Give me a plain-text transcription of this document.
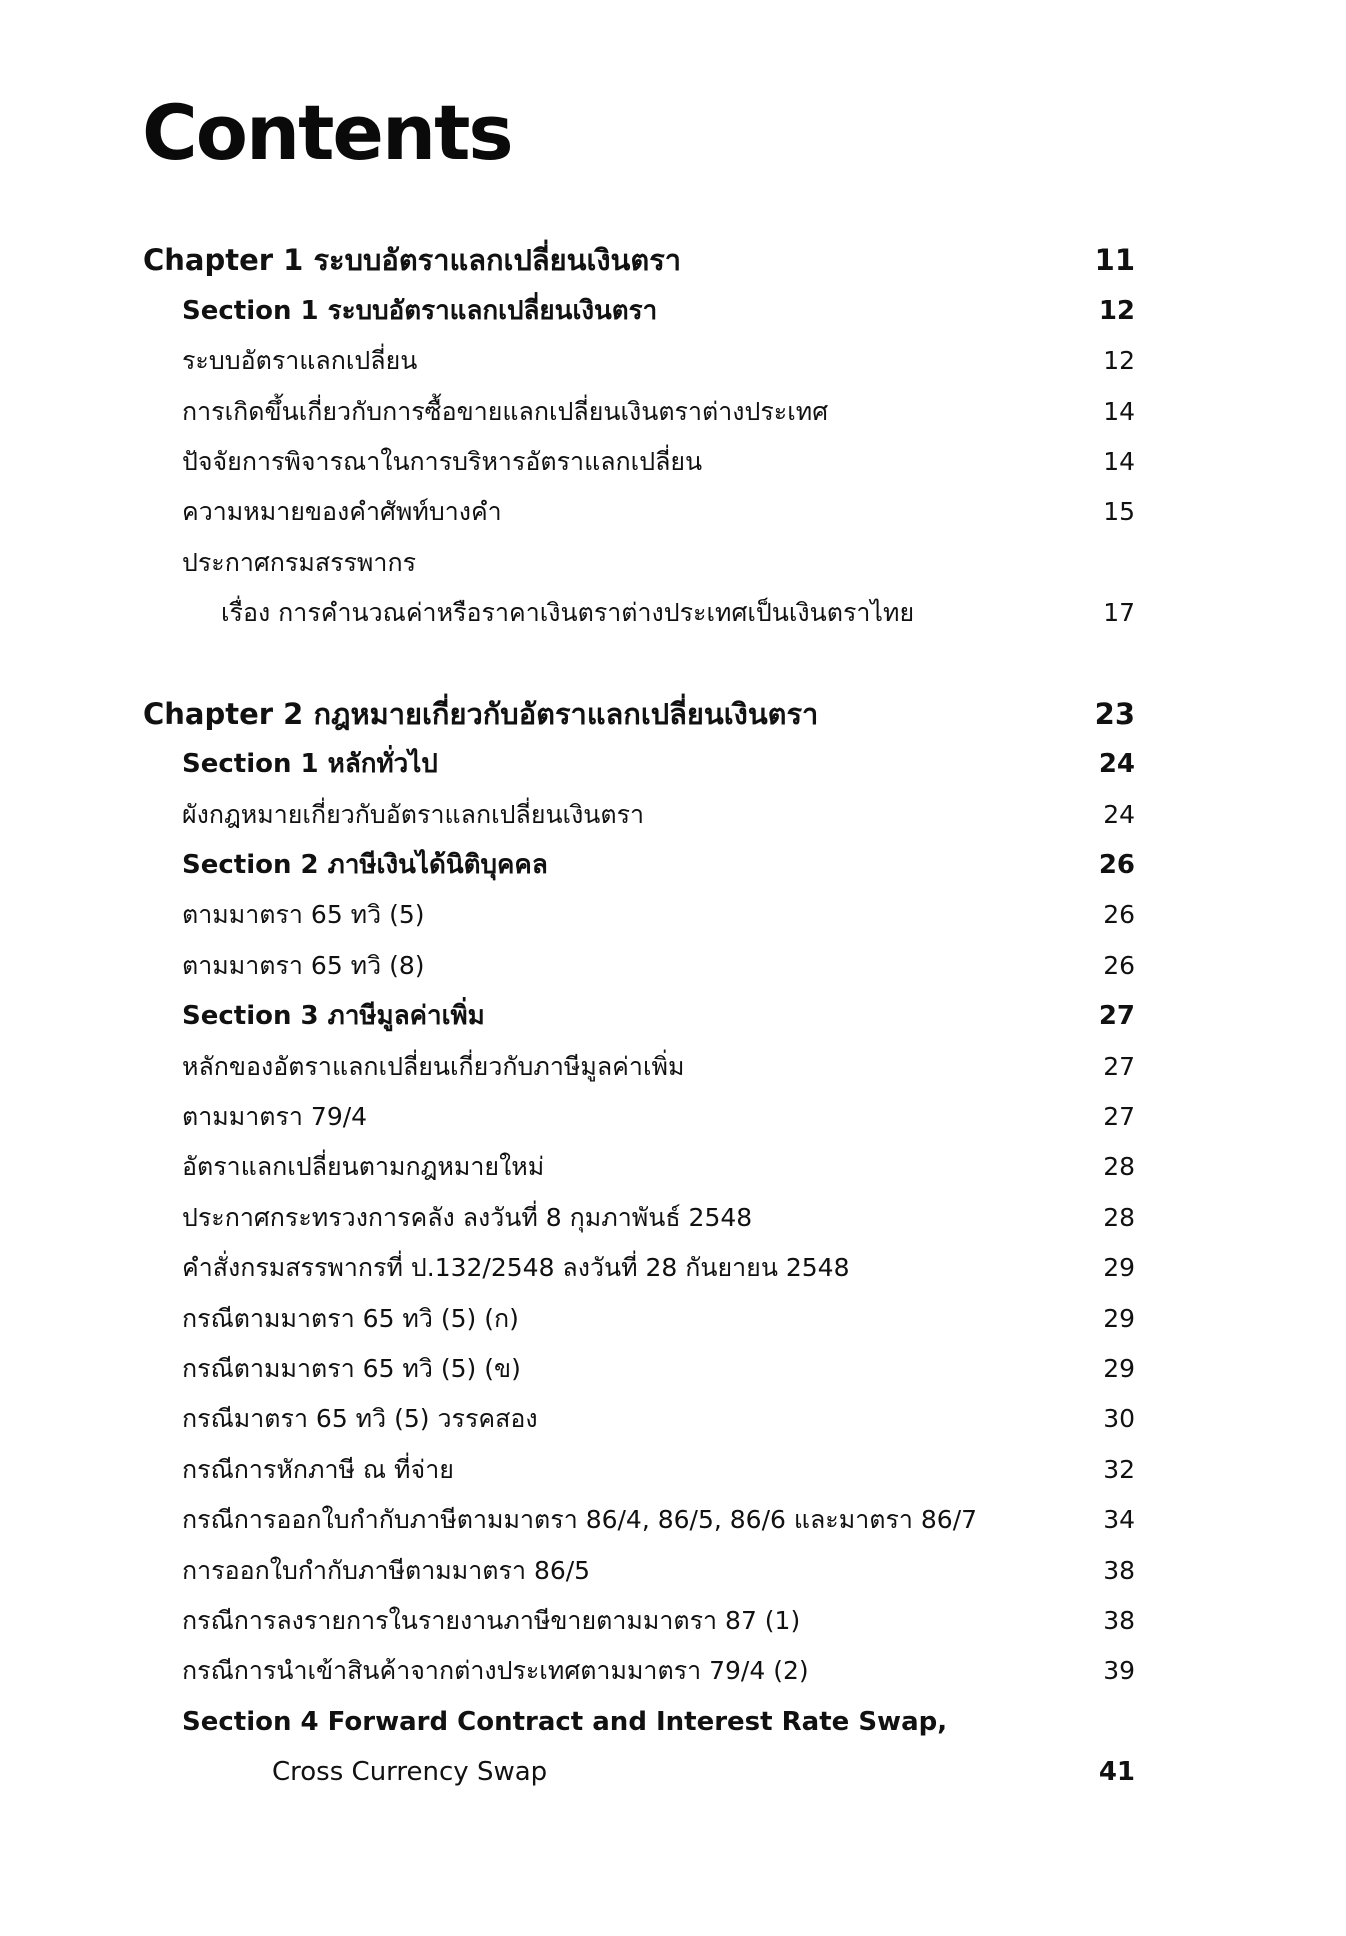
Contents
Chapter 1 ระบบอัตราแลกเปลี่ยนเงินตรา	11
Section 1 ระบบอัตราแลกเปลี่ยนเงินตรา	12
ระบบอัตราแลกเปลี่ยน	12
การเกิดขึ้นเกี่ยวกับการซื้อขายแลกเปลี่ยนเงินตราต่างประเทศ	14
ปัจจัยการพิจารณาในการบริหารอัตราแลกเปลี่ยน	14
ความหมายของคำศัพท์บางคำ	15
ประกาศกรมสรรพากร
เรื่อง การคำนวณค่าหรือราคาเงินตราต่างประเทศเป็นเงินตราไทย	17
Chapter 2 กฎหมายเกี่ยวกับอัตราแลกเปลี่ยนเงินตรา	23
Section 1 หลักทั่วไป	24
ผังกฎหมายเกี่ยวกับอัตราแลกเปลี่ยนเงินตรา	24
Section 2 ภาษีเงินได้นิติบุคคล	26
ตามมาตรา 65 ทวิ (5)	26
ตามมาตรา 65 ทวิ (8)	26
Section 3 ภาษีมูลค่าเพิ่ม	27
หลักของอัตราแลกเปลี่ยนเกี่ยวกับภาษีมูลค่าเพิ่ม	27
ตามมาตรา 79/4	27
อัตราแลกเปลี่ยนตามกฎหมายใหม่	28
ประกาศกระทรวงการคลัง ลงวันที่ 8 กุมภาพันธ์ 2548	28
คำสั่งกรมสรรพากรที่ ป.132/2548 ลงวันที่ 28 กันยายน 2548	29
กรณีตามมาตรา 65 ทวิ (5) (ก)	29
กรณีตามมาตรา 65 ทวิ (5) (ข)	29
กรณีมาตรา 65 ทวิ (5) วรรคสอง	30
กรณีการหักภาษี ณ ที่จ่าย	32
กรณีการออกใบกำกับภาษีตามมาตรา 86/4, 86/5, 86/6 และมาตรา 86/7	34
การออกใบกำกับภาษีตามมาตรา 86/5	38
กรณีการลงรายการในรายงานภาษีขายตามมาตรา 87 (1)	38
กรณีการนำเข้าสินค้าจากต่างประเทศตามมาตรา 79/4 (2)	39
Section 4 Forward Contract and Interest Rate Swap,
Cross Currency Swap	41
